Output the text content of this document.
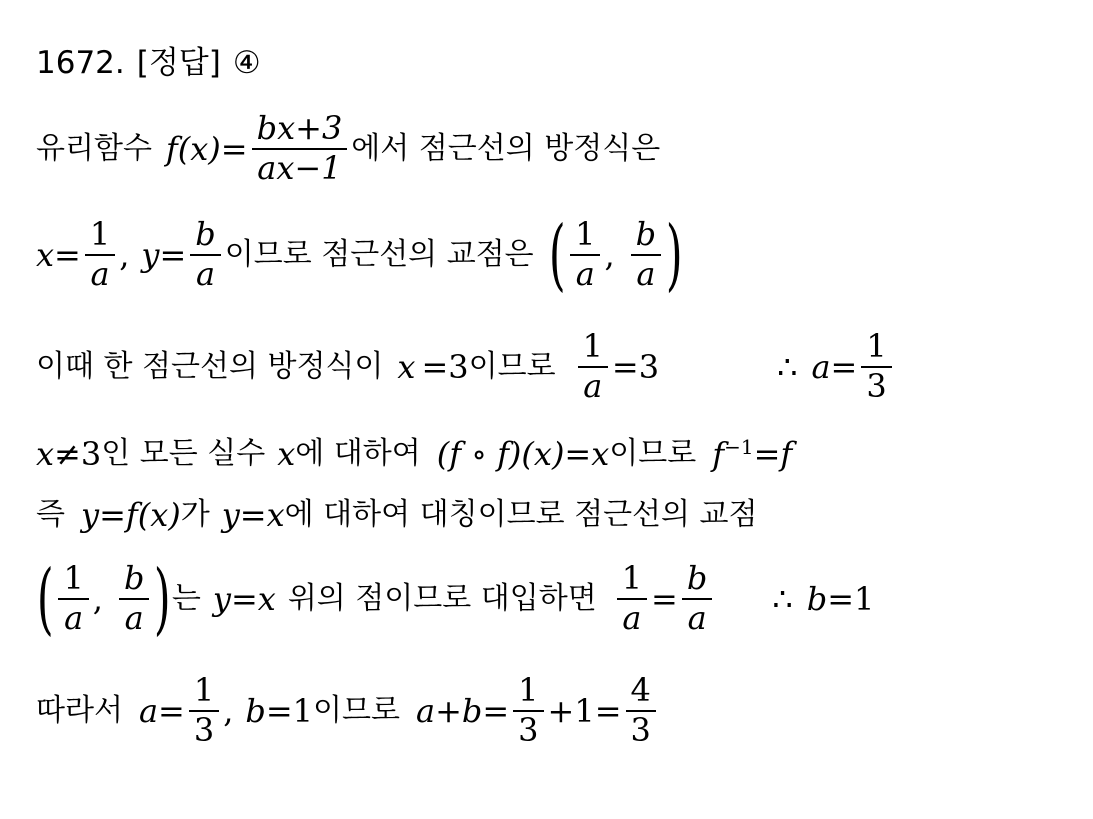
1672. [정답] ④
유리함수 $f(x) = \frac{bx+3}{ax-1}$ 에서 점근선의 방정식은
$x = \frac{1}{a}$ , $y = \frac{b}{a}$ 이므로 점근선의 교점은 ( $\frac{1}{a}$ , $\frac{b}{a}$ )
이때 한 점근선의 방정식이 x = 3 이므로 $\frac{1}{a} = 3$	∴ $a = \frac{1}{3}$
x ≠ 3 인 모든 실수 x 에 대하여 (f ∘ f)(x) = x 이므로 $f^{-1} = f$
즉 y = f(x) 가 y = x 에 대하여 대칭이므로 점근선의 교점
( $\frac{1}{a}$ , $\frac{b}{a}$ ) 는 y = x 위의 점이므로 대입하면 $\frac{1}{a} = \frac{b}{a}$ ∴ b = 1
따라서 $a = \frac{1}{3}$ , b = 1 이므로 $a+b = \frac{1}{3} +1 = \frac{4}{3}$
